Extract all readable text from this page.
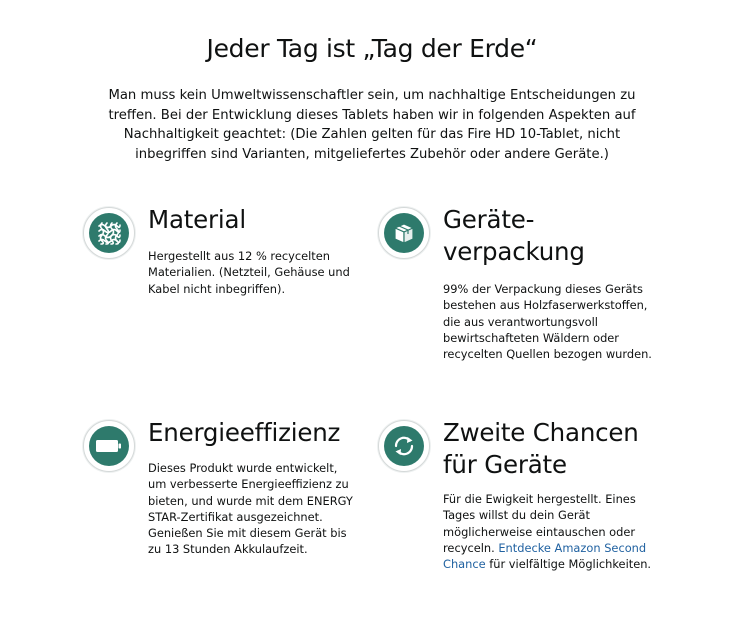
Jeder Tag ist „Tag der Erde“

Man muss kein Umweltwissenschaftler sein, um nachhaltige Entscheidungen zu treffen. Bei der Entwicklung dieses Tablets haben wir in folgenden Aspekten auf Nachhaltigkeit geachtet: (Die Zahlen gelten für das Fire HD 10-Tablet, nicht inbegriffen sind Varianten, mitgeliefertes Zubehör oder andere Geräte.)

Material

Hergestellt aus 12 % recycelten Materialien. (Netzteil, Gehäuse und Kabel nicht inbegriffen).

Geräte-
verpackung

99% der Verpackung dieses Geräts bestehen aus Holzfaserwerkstoffen, die aus verantwortungsvoll bewirtschafteten Wäldern oder recycelten Quellen bezogen wurden.

Energieeffizienz

Dieses Produkt wurde entwickelt, um verbesserte Energieeffizienz zu bieten, und wurde mit dem ENERGY STAR-Zertifikat ausgezeichnet. Genießen Sie mit diesem Gerät bis zu 13 Stunden Akkulaufzeit.

Zweite Chancen
für Geräte

Für die Ewigkeit hergestellt. Eines Tages willst du dein Gerät möglicherweise eintauschen oder recyceln. Entdecke Amazon Second Chance für vielfältige Möglichkeiten.
